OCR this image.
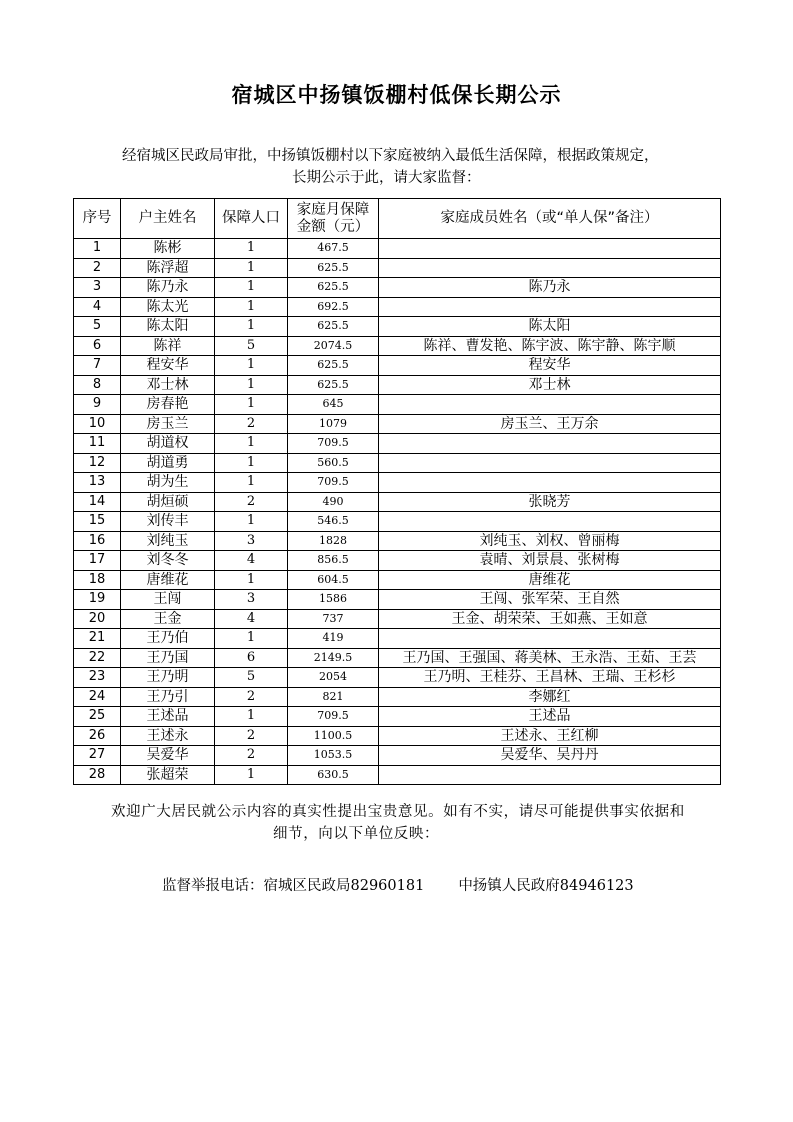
宿城区中扬镇饭棚村低保长期公示
经宿城区民政局审批，中扬镇饭棚村以下家庭被纳入最低生活保障，根据政策规定，
长期公示于此，请大家监督：
序号	户主姓名	保障人口	家庭月保障
金额（元）	家庭成员姓名（或“单人保”备注）
1	陈彬	1	467.5	
2	陈浮超	1	625.5	
3	陈乃永	1	625.5	陈乃永
4	陈太光	1	692.5	
5	陈太阳	1	625.5	陈太阳
6	陈祥	5	2074.5	陈祥、曹发艳、陈宇波、陈宇静、陈宇顺
7	程安华	1	625.5	程安华
8	邓士林	1	625.5	邓士林
9	房春艳	1	645	
10	房玉兰	2	1079	房玉兰、王万余
11	胡道权	1	709.5	
12	胡道勇	1	560.5	
13	胡为生	1	709.5	
14	胡烜硕	2	490	张晓芳
15	刘传丰	1	546.5	
16	刘纯玉	3	1828	刘纯玉、刘权、曾丽梅
17	刘冬冬	4	856.5	袁晴、刘景晨、张树梅
18	唐维花	1	604.5	唐维花
19	王闯	3	1586	王闯、张军荣、王自然
20	王金	4	737	王金、胡荣荣、王如燕、王如意
21	王乃伯	1	419	
22	王乃国	6	2149.5	王乃国、王强国、蒋美林、王永浩、王茹、王芸
23	王乃明	5	2054	王乃明、王桂芬、王昌林、王瑞、王杉杉
24	王乃引	2	821	李娜红
25	王述品	1	709.5	王述品
26	王述永	2	1100.5	王述永、王红柳
27	吴爱华	2	1053.5	吴爱华、吴丹丹
28	张超荣	1	630.5	
欢迎广大居民就公示内容的真实性提出宝贵意见。如有不实，请尽可能提供事实依据和
细节，向以下单位反映：
监督举报电话：宿城区民政局82960181 中扬镇人民政府84946123
